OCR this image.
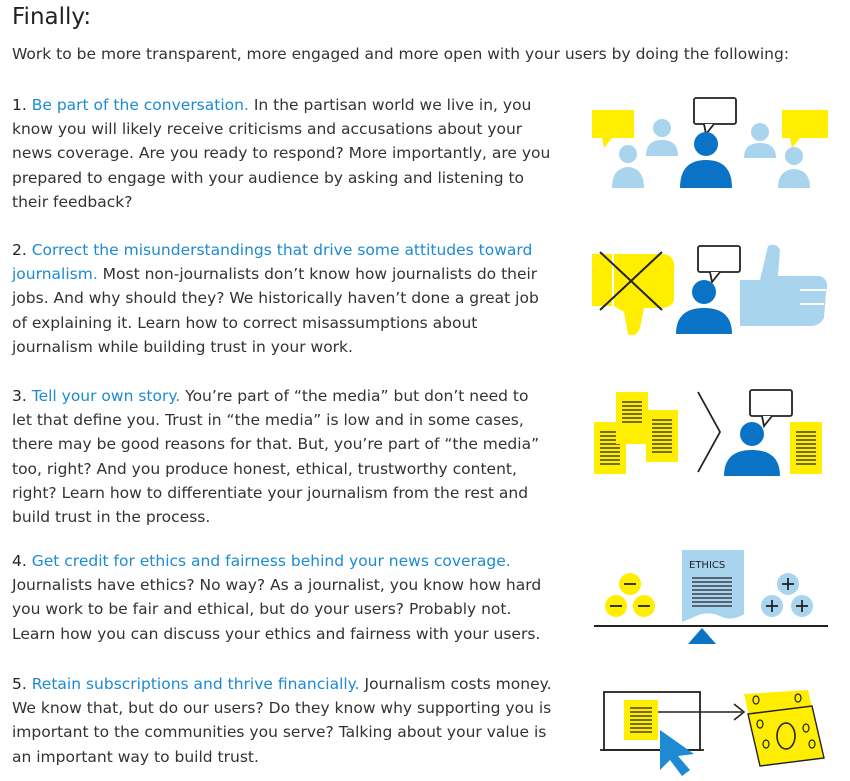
Finally:

Work to be more transparent, more engaged and more open with your users by doing the following:

1. Be part of the conversation. In the partisan world we live in, you know you will likely receive criticisms and accusations about your news coverage. Are you ready to respond? More importantly, are you prepared to engage with your audience by asking and listening to their feedback?

2. Correct the misunderstandings that drive some attitudes toward journalism. Most non-journalists don’t know how journalists do their jobs. And why should they? We historically haven’t done a great job of explaining it. Learn how to correct misassumptions about journalism while building trust in your work.

3. Tell your own story. You’re part of “the media” but don’t need to let that define you. Trust in “the media” is low and in some cases, there may be good reasons for that. But, you’re part of “the media” too, right? And you produce honest, ethical, trustworthy content, right? Learn how to differentiate your journalism from the rest and build trust in the process.

4. Get credit for ethics and fairness behind your news coverage. Journalists have ethics? No way? As a journalist, you know how hard you work to be fair and ethical, but do your users? Probably not. Learn how you can discuss your ethics and fairness with your users.

5. Retain subscriptions and thrive financially. Journalism costs money. We know that, but do our users? Do they know why supporting you is important to the communities you serve? Talking about your value is an important way to build trust.

ETHICS
